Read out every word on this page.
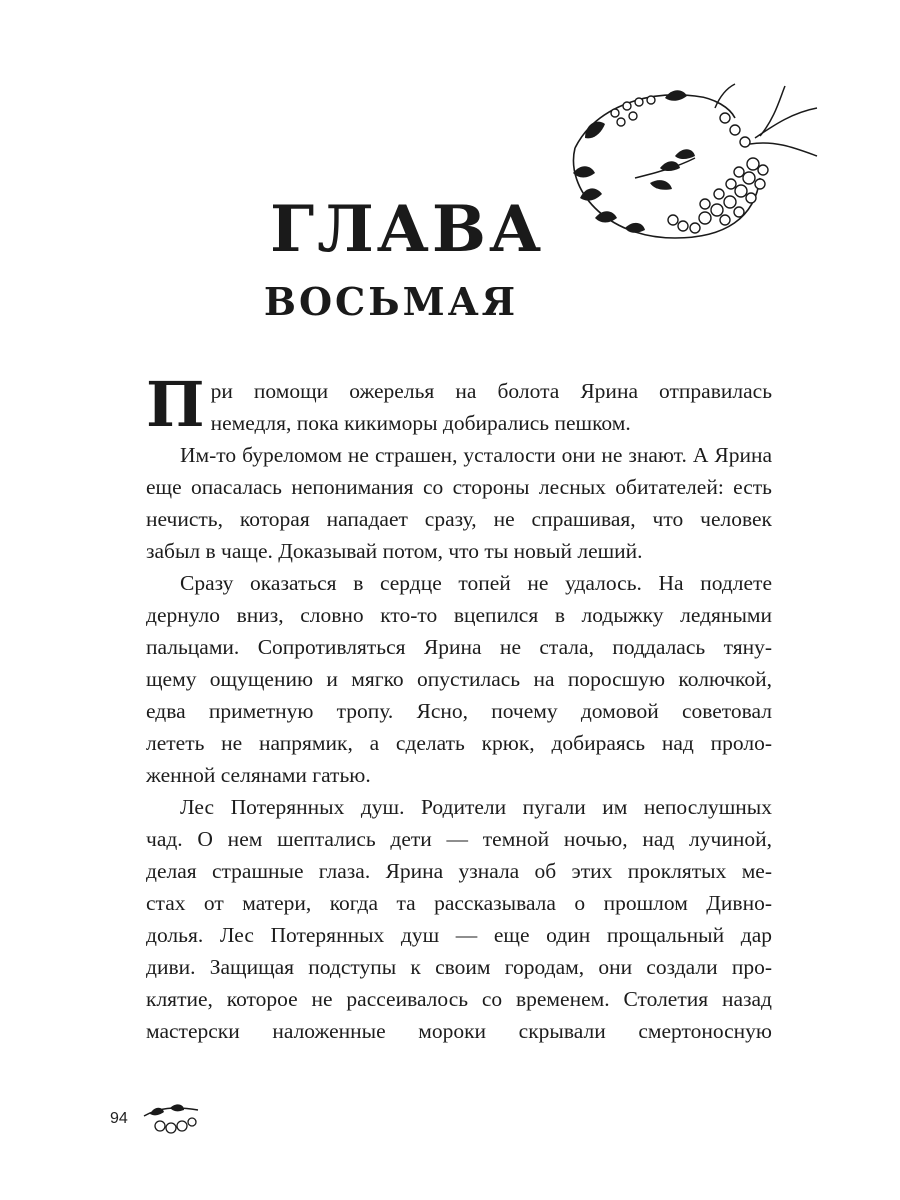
ГЛАВА
ВОСЬМАЯ
П ри помощи ожерелья на болота Ярина отправилась
немедля, пока кикиморы добирались пешком.
Им-то буреломом не страшен, усталости они не знают. А Ярина
еще опасалась непонимания со стороны лесных обитателей: есть
нечисть, которая нападает сразу, не спрашивая, что человек
забыл в чаще. Доказывай потом, что ты новый леший.
Сразу оказаться в сердце топей не удалось. На подлете
дернуло вниз, словно кто-то вцепился в лодыжку ледяными
пальцами. Сопротивляться Ярина не стала, поддалась тяну-
щему ощущению и мягко опустилась на поросшую колючкой,
едва приметную тропу. Ясно, почему домовой советовал
лететь не напрямик, а сделать крюк, добираясь над проло-
женной селянами гатью.
Лес Потерянных душ. Родители пугали им непослушных
чад. О нем шептались дети — темной ночью, над лучиной,
делая страшные глаза. Ярина узнала об этих проклятых ме-
стах от матери, когда та рассказывала о прошлом Дивно-
долья. Лес Потерянных душ — еще один прощальный дар
диви. Защищая подступы к своим городам, они создали про-
клятие, которое не рассеивалось со временем. Столетия назад
мастерски наложенные мороки скрывали смертоносную
94
